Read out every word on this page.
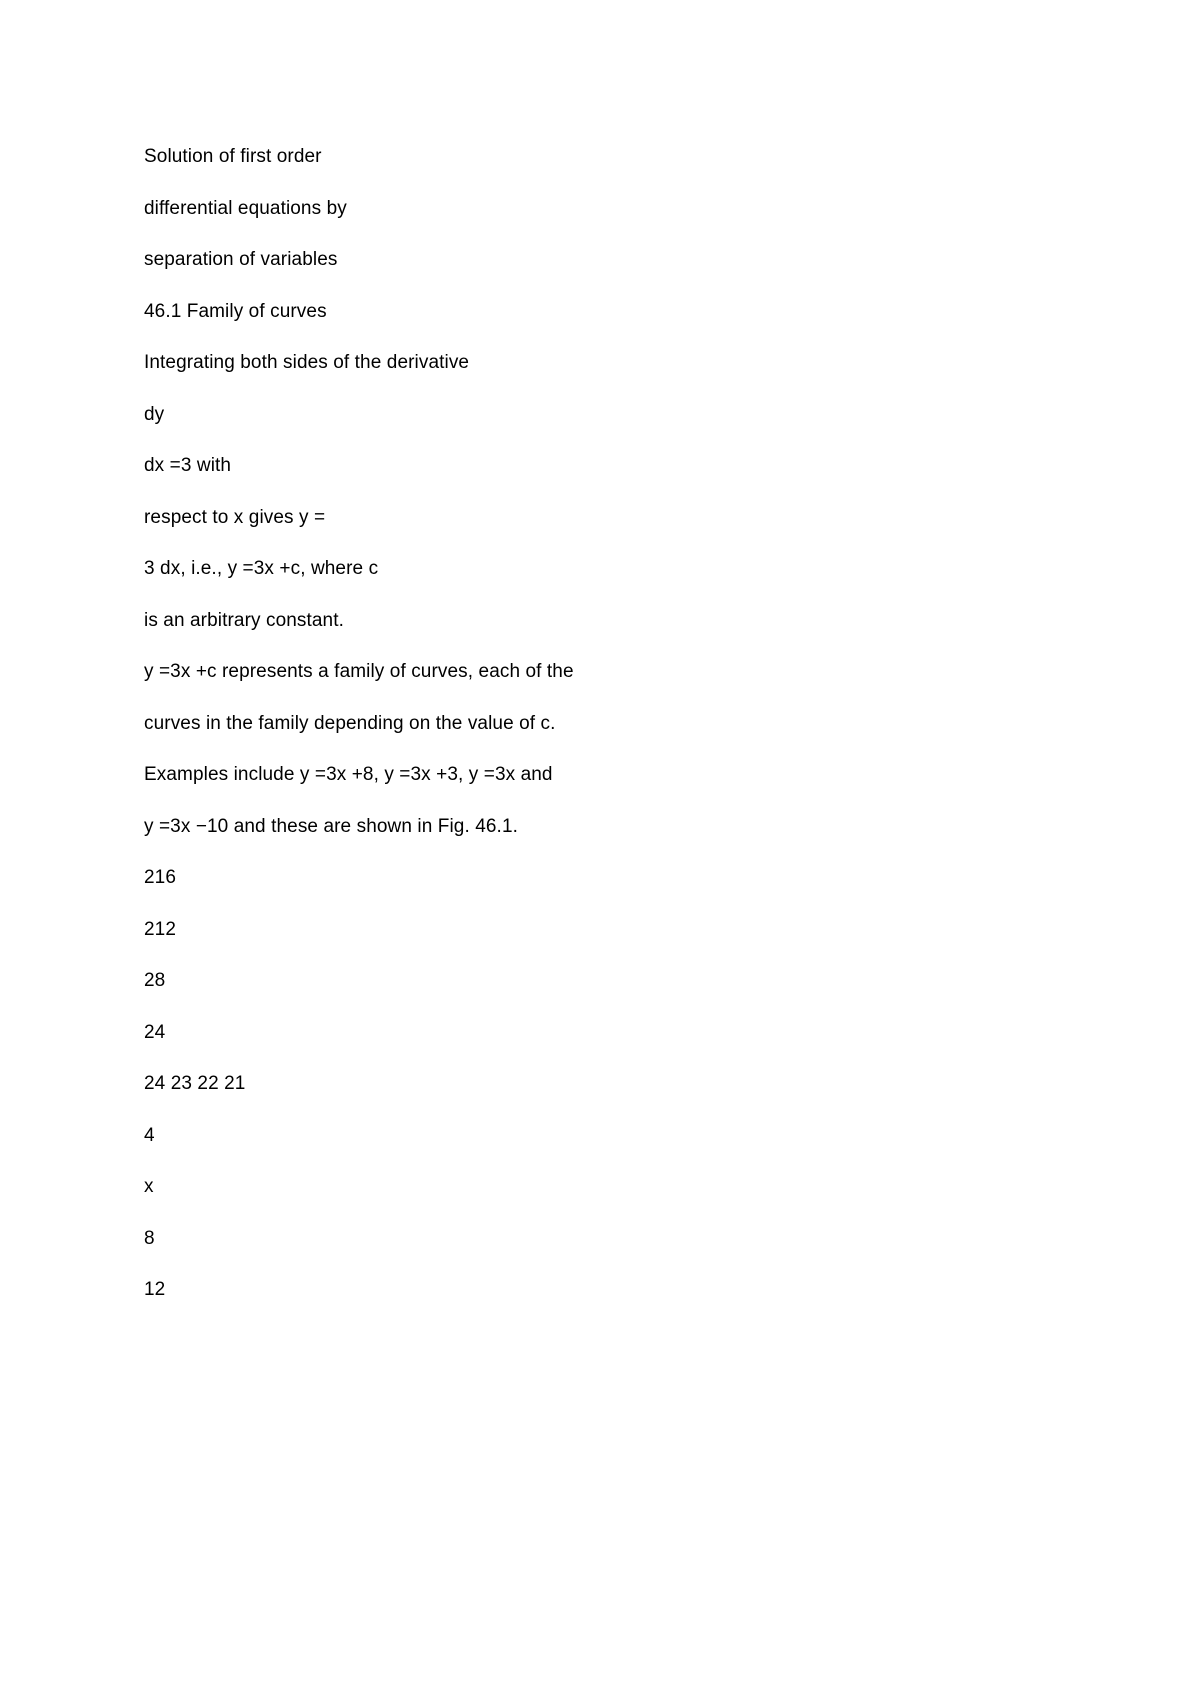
Solution of first order

differential equations by

separation of variables

46.1 Family of curves

Integrating both sides of the derivative

dy

dx =3 with

respect to x gives y =

3 dx, i.e., y =3x +c, where c

is an arbitrary constant.

y =3x +c represents a family of curves, each of the

curves in the family depending on the value of c.

Examples include y =3x +8, y =3x +3, y =3x and

y =3x −10 and these are shown in Fig. 46.1.

216

212

28

24

24 23 22 21

4

x

8

12
